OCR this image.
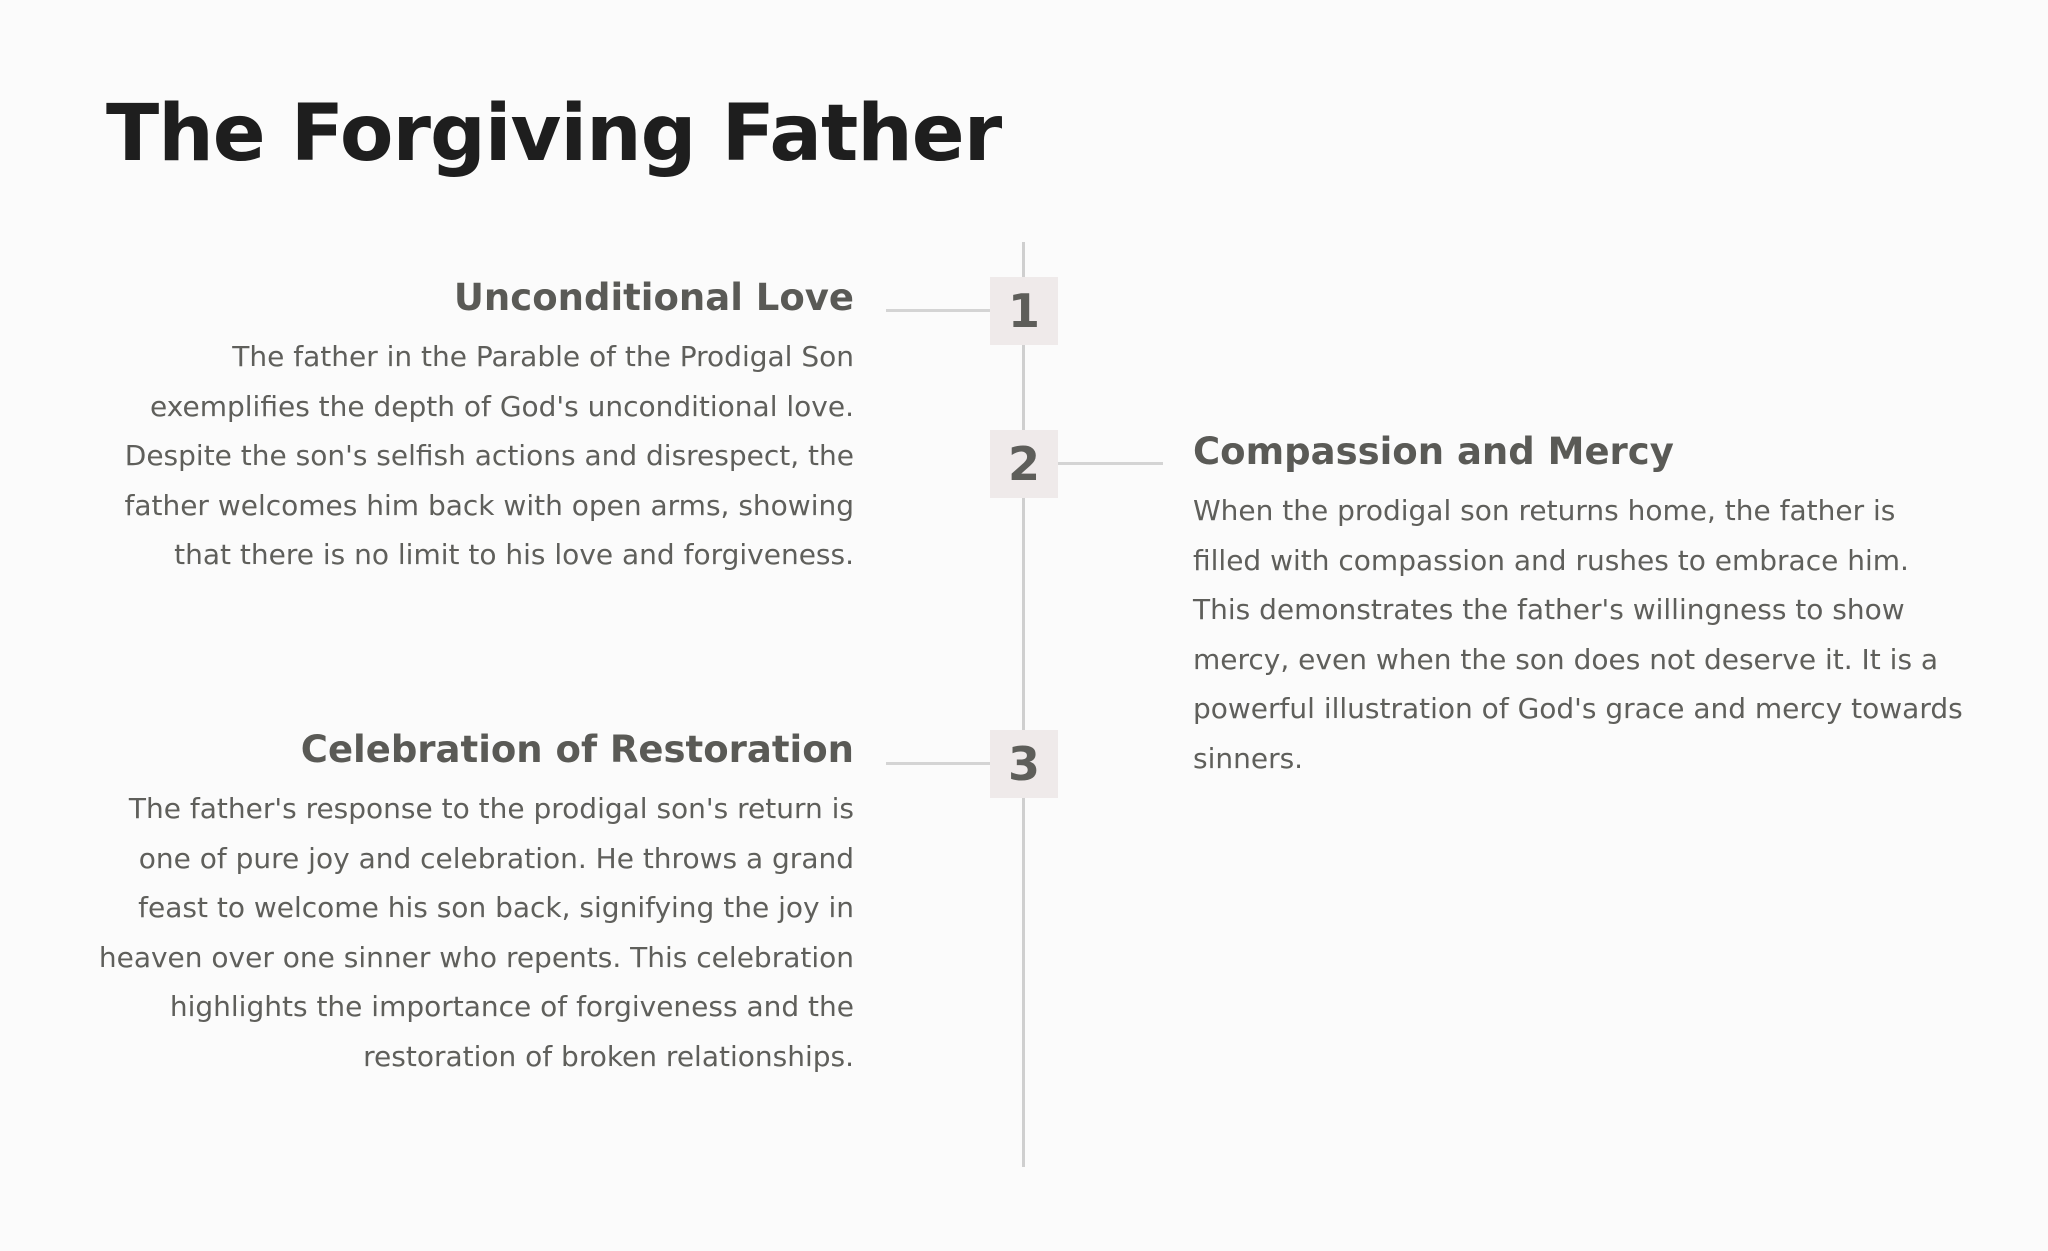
The Forgiving Father
1
Unconditional Love

The father in the Parable of the Prodigal Son exemplifies the depth of God's unconditional love. Despite the son's selfish actions and disrespect, the father welcomes him back with open arms, showing that there is no limit to his love and forgiveness.

2	Compassion and Mercy

When the prodigal son returns home, the father is filled with compassion and rushes to embrace him. This demonstrates the father's willingness to show mercy, even when the son does not deserve it. It is a powerful illustration of God's grace and mercy towards sinners.

3
Celebration of Restoration

The father's response to the prodigal son's return is one of pure joy and celebration. He throws a grand feast to welcome his son back, signifying the joy in heaven over one sinner who repents. This celebration highlights the importance of forgiveness and the restoration of broken relationships.
